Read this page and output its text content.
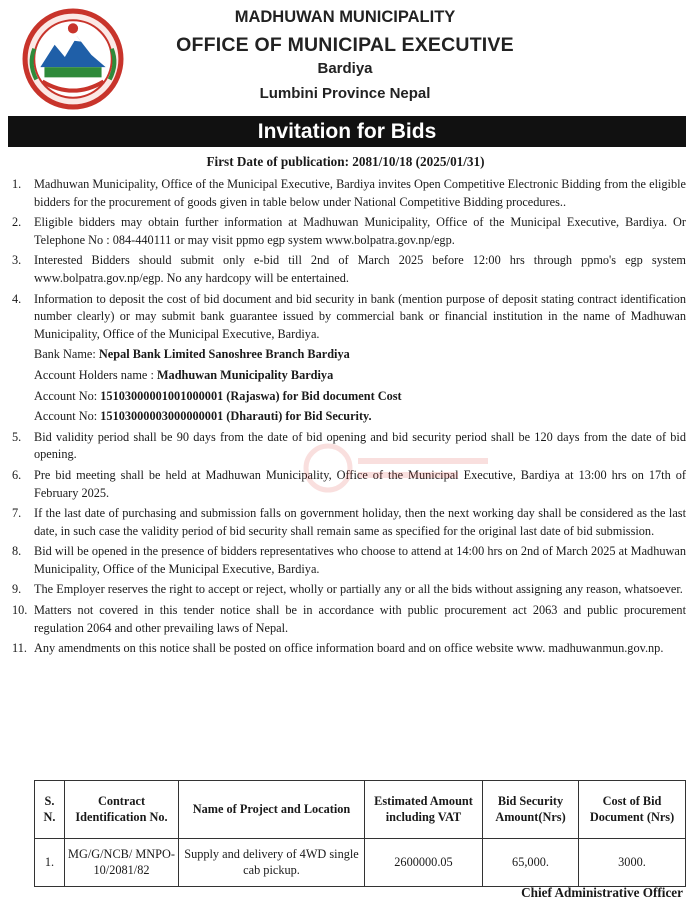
MADHUWAN MUNICIPALITY
OFFICE OF MUNICIPAL EXECUTIVE
Bardiya
Lumbini Province Nepal
Invitation for Bids
First Date of publication: 2081/10/18 (2025/01/31)
1. Madhuwan Municipality, Office of the Municipal Executive, Bardiya invites Open Competitive Electronic Bidding from the eligible bidders for the procurement of goods given in table below under National Competitive Bidding procedures..
2. Eligible bidders may obtain further information at Madhuwan Municipality, Office of the Municipal Executive, Bardiya. Or Telephone No : 084-440111 or may visit ppmo egp system www.bolpatra.gov.np/egp.
3. Interested Bidders should submit only e-bid till 2nd of March 2025 before 12:00 hrs through ppmo's egp system www.bolpatra.gov.np/egp. No any hardcopy will be entertained.
4. Information to deposit the cost of bid document and bid security in bank (mention purpose of deposit stating contract identification number clearly) or may submit bank guarantee issued by commercial bank or financial institution in the name of Madhuwan Municipality, Office of the Municipal Executive, Bardiya.
Bank Name: Nepal Bank Limited Sanoshree Branch Bardiya
Account Holders name : Madhuwan Municipality Bardiya
Account No: 15103000001001000001 (Rajaswa) for Bid document Cost
Account No: 15103000003000000001 (Dharauti) for Bid Security.
5. Bid validity period shall be 90 days from the date of bid opening and bid security period shall be 120 days from the date of bid opening.
6. Pre bid meeting shall be held at Madhuwan Municipality, Office of the Municipal Executive, Bardiya at 13:00 hrs on 17th of February 2025.
7. If the last date of purchasing and submission falls on government holiday, then the next working day shall be considered as the last date, in such case the validity period of bid security shall remain same as specified for the original last date of bid submission.
8. Bid will be opened in the presence of bidders representatives who choose to attend at 14:00 hrs on 2nd of March 2025 at Madhuwan Municipality, Office of the Municipal Executive, Bardiya.
9. The Employer reserves the right to accept or reject, wholly or partially any or all the bids without assigning any reason, whatsoever.
10. Matters not covered in this tender notice shall be in accordance with public procurement act 2063 and public procurement regulation 2064 and other prevailing laws of Nepal.
11. Any amendments on this notice shall be posted on office information board and on office website www. madhuwanmun.gov.np.
S. N.	Contract Identification No.	Name of Project and Location	Estimated Amount including VAT	Bid Security Amount(Nrs)	Cost of Bid Document (Nrs)
1.	MG/G/NCB/ MNPO-10/2081/82	Supply and delivery of 4WD single cab pickup.	2600000.05	65,000.	3000.
Chief Administrative Officer
